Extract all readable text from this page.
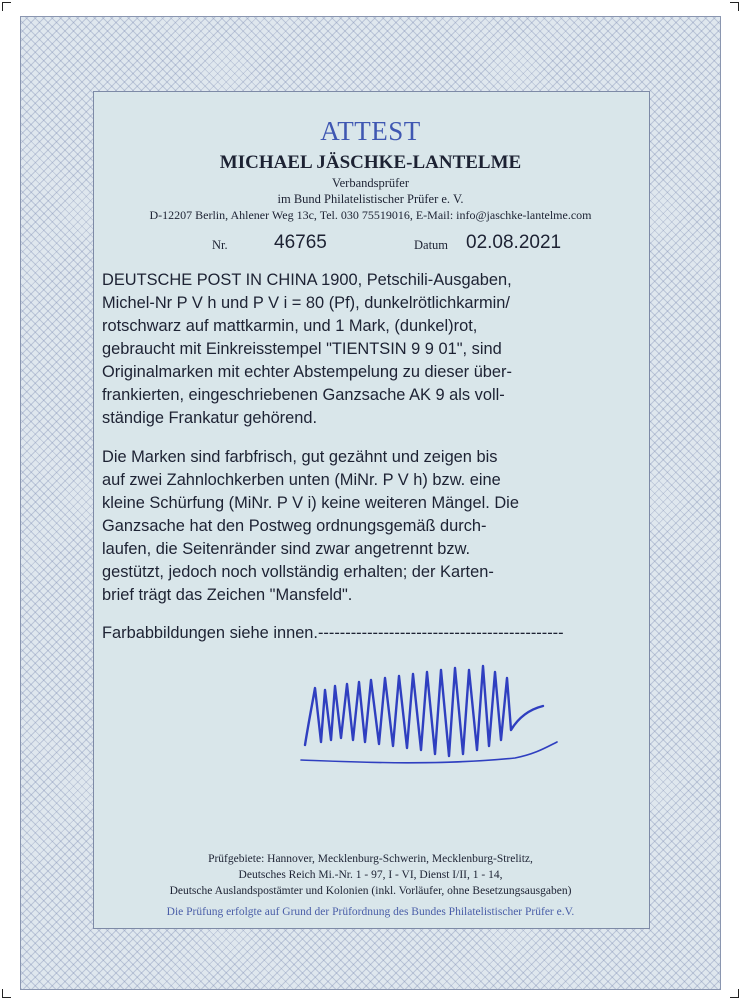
ATTEST
MICHAEL JÄSCHKE-LANTELME
Verbandsprüfer
im Bund Philatelistischer Prüfer e. V.
D-12207 Berlin, Ahlener Weg 13c, Tel. 030 75519016, E-Mail: info@jaschke-lantelme.com
Nr. 46765	Datum 02.08.2021

DEUTSCHE POST IN CHINA 1900, Petschili-Ausgaben,

Michel-Nr P V h und P V i = 80 (Pf), dunkelrötlichkarmin/

rotschwarz auf mattkarmin, und 1 Mark, (dunkel)rot,

gebraucht mit Einkreisstempel "TIENTSIN 9 9 01", sind

Originalmarken mit echter Abstempelung zu dieser über-

frankierten, eingeschriebenen Ganzsache AK 9 als voll-

ständige Frankatur gehörend.

Die Marken sind farbfrisch, gut gezähnt und zeigen bis

auf zwei Zahnlochkerben unten (MiNr. P V h) bzw. eine

kleine Schürfung (MiNr. P V i) keine weiteren Mängel. Die

Ganzsache hat den Postweg ordnungsgemäß durch-

laufen, die Seitenränder sind zwar angetrennt bzw.

gestützt, jedoch noch vollständig erhalten; der Karten-

brief trägt das Zeichen "Mansfeld".

Farbabbildungen siehe innen.---------------------------------------------

Prüfgebiete: Hannover, Mecklenburg-Schwerin, Mecklenburg-Strelitz,
Deutsches Reich Mi.-Nr. 1 - 97, I - VI, Dienst I/II, 1 - 14,
Deutsche Auslandspostämter und Kolonien (inkl. Vorläufer, ohne Besetzungsausgaben)
Die Prüfung erfolgte auf Grund der Prüfordnung des Bundes Philatelistischer Prüfer e.V.
